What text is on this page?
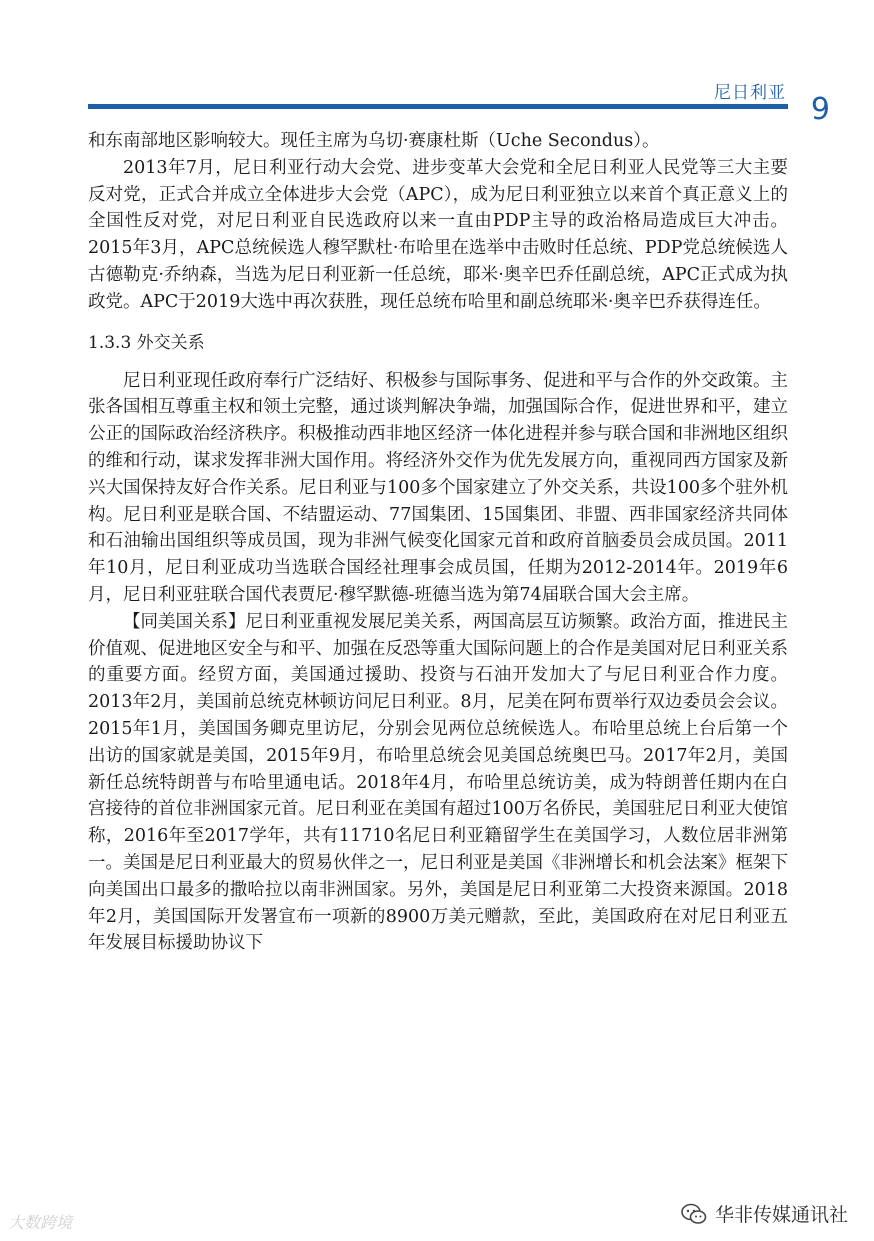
尼日利亚 9

和东南部地区影响较大。现任主席为乌切·赛康杜斯（Uche Secondus）。

2013年7月，尼日利亚行动大会党、进步变革大会党和全尼日利亚人民党等三大主要反对党，正式合并成立全体进步大会党（APC），成为尼日利亚独立以来首个真正意义上的全国性反对党，对尼日利亚自民选政府以来一直由PDP主导的政治格局造成巨大冲击。2015年3月，APC总统候选人穆罕默杜·布哈里在选举中击败时任总统、PDP党总统候选人古德勒克·乔纳森，当选为尼日利亚新一任总统，耶米·奥辛巴乔任副总统，APC正式成为执政党。APC于2019大选中再次获胜，现任总统布哈里和副总统耶米·奥辛巴乔获得连任。

1.3.3 外交关系

尼日利亚现任政府奉行广泛结好、积极参与国际事务、促进和平与合作的外交政策。主张各国相互尊重主权和领土完整，通过谈判解决争端，加强国际合作，促进世界和平，建立公正的国际政治经济秩序。积极推动西非地区经济一体化进程并参与联合国和非洲地区组织的维和行动，谋求发挥非洲大国作用。将经济外交作为优先发展方向，重视同西方国家及新兴大国保持友好合作关系。尼日利亚与100多个国家建立了外交关系，共设100多个驻外机构。尼日利亚是联合国、不结盟运动、77国集团、15国集团、非盟、西非国家经济共同体和石油输出国组织等成员国，现为非洲气候变化国家元首和政府首脑委员会成员国。2011年10月，尼日利亚成功当选联合国经社理事会成员国，任期为2012-2014年。2019年6月，尼日利亚驻联合国代表贾尼·穆罕默德-班德当选为第74届联合国大会主席。

【同美国关系】尼日利亚重视发展尼美关系，两国高层互访频繁。政治方面，推进民主价值观、促进地区安全与和平、加强在反恐等重大国际问题上的合作是美国对尼日利亚关系的重要方面。经贸方面，美国通过援助、投资与石油开发加大了与尼日利亚合作力度。2013年2月，美国前总统克林顿访问尼日利亚。8月，尼美在阿布贾举行双边委员会会议。2015年1月，美国国务卿克里访尼，分别会见两位总统候选人。布哈里总统上台后第一个出访的国家就是美国，2015年9月，布哈里总统会见美国总统奥巴马。2017年2月，美国新任总统特朗普与布哈里通电话。2018年4月，布哈里总统访美，成为特朗普任期内在白宫接待的首位非洲国家元首。尼日利亚在美国有超过100万名侨民，美国驻尼日利亚大使馆称，2016年至2017学年，共有11710名尼日利亚籍留学生在美国学习，人数位居非洲第一。美国是尼日利亚最大的贸易伙伴之一，尼日利亚是美国《非洲增长和机会法案》框架下向美国出口最多的撒哈拉以南非洲国家。另外，美国是尼日利亚第二大投资来源国。2018年2月，美国国际开发署宣布一项新的8900万美元赠款，至此，美国政府在对尼日利亚五年发展目标援助协议下

大数跨境	华非传媒通讯社
